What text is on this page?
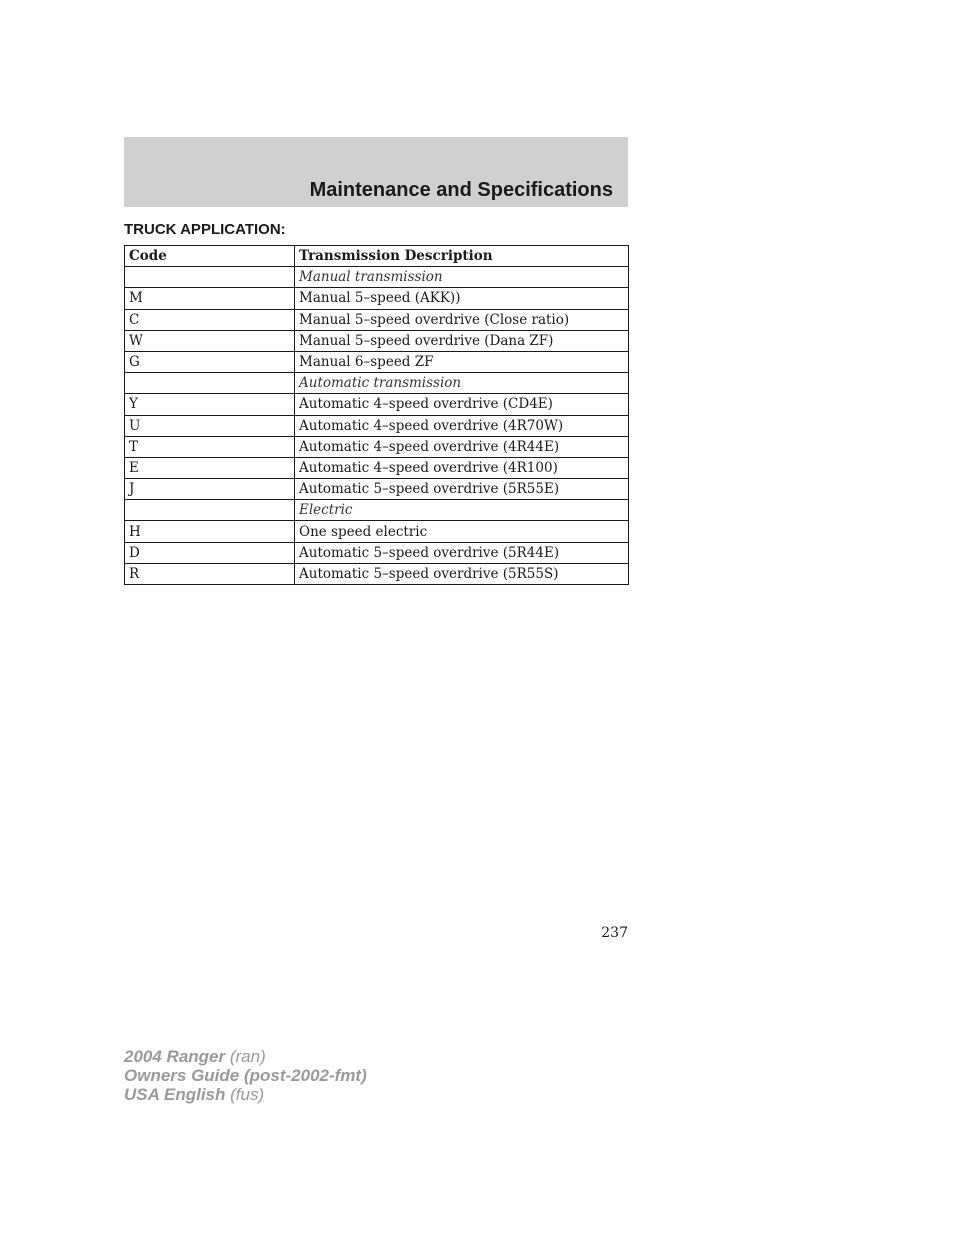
Maintenance and Specifications
TRUCK APPLICATION:
Code	Transmission Description
	Manual transmission
M	Manual 5–speed (AKK))
C	Manual 5–speed overdrive (Close ratio)
W	Manual 5–speed overdrive (Dana ZF)
G	Manual 6–speed ZF
	Automatic transmission
Y	Automatic 4–speed overdrive (CD4E)
U	Automatic 4–speed overdrive (4R70W)
T	Automatic 4–speed overdrive (4R44E)
E	Automatic 4–speed overdrive (4R100)
J	Automatic 5–speed overdrive (5R55E)
	Electric
H	One speed electric
D	Automatic 5–speed overdrive (5R44E)
R	Automatic 5–speed overdrive (5R55S)
237
2004 Ranger (ran)
Owners Guide (post-2002-fmt)
USA English (fus)
